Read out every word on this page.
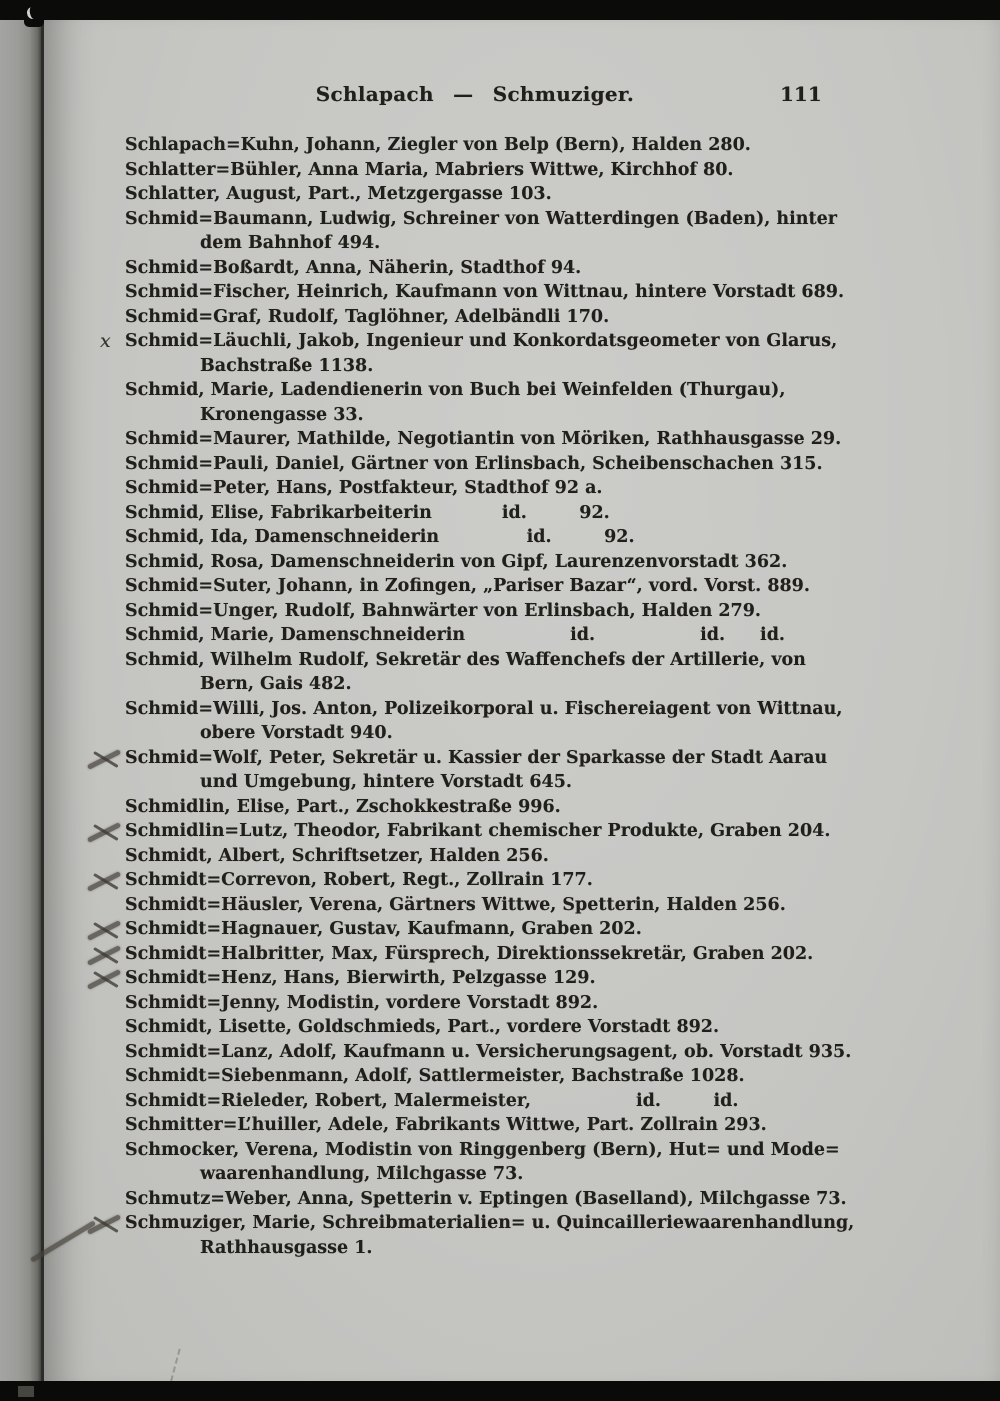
Schlapach — Schmuziger.	111
Schlapach=Kuhn, Johann, Ziegler von Belp (Bern), Halden 280.
Schlatter=Bühler, Anna Maria, Mabriers Wittwe, Kirchhof 80.
Schlatter, August, Part., Metzgergasse 103.
Schmid=Baumann, Ludwig, Schreiner von Watterdingen (Baden), hinter
dem Bahnhof 494.
Schmid=Boßardt, Anna, Näherin, Stadthof 94.
Schmid=Fischer, Heinrich, Kaufmann von Wittnau, hintere Vorstadt 689.
Schmid=Graf, Rudolf, Taglöhner, Adelbändli 170.
x Schmid=Läuchli, Jakob, Ingenieur und Konkordatsgeometer von Glarus,
Bachstraße 1138.
Schmid, Marie, Ladendienerin von Buch bei Weinfelden (Thurgau),
Kronengasse 33.
Schmid=Maurer, Mathilde, Negotiantin von Möriken, Rathhausgasse 29.
Schmid=Pauli, Daniel, Gärtner von Erlinsbach, Scheibenschachen 315.
Schmid=Peter, Hans, Postfakteur, Stadthof 92 a.
Schmid, Elise, Fabrikarbeiterin    id.   92.
Schmid, Ida, Damenschneiderin     id.   92.
Schmid, Rosa, Damenschneiderin von Gipf, Laurenzenvorstadt 362.
Schmid=Suter, Johann, in Zofingen, „Pariser Bazar“, vord. Vorst. 889.
Schmid=Unger, Rudolf, Bahnwärter von Erlinsbach, Halden 279.
Schmid, Marie, Damenschneiderin      id.      id.  id.
Schmid, Wilhelm Rudolf, Sekretär des Waffenchefs der Artillerie, von
Bern, Gais 482.
Schmid=Willi, Jos. Anton, Polizeikorporal u. Fischereiagent von Wittnau,
obere Vorstadt 940.
Schmid=Wolf, Peter, Sekretär u. Kassier der Sparkasse der Stadt Aarau
und Umgebung, hintere Vorstadt 645.
Schmidlin, Elise, Part., Zschokkestraße 996.
Schmidlin=Lutz, Theodor, Fabrikant chemischer Produkte, Graben 204.
Schmidt, Albert, Schriftsetzer, Halden 256.
Schmidt=Correvon, Robert, Regt., Zollrain 177.
Schmidt=Häusler, Verena, Gärtners Wittwe, Spetterin, Halden 256.
Schmidt=Hagnauer, Gustav, Kaufmann, Graben 202.
Schmidt=Halbritter, Max, Fürsprech, Direktionssekretär, Graben 202.
Schmidt=Henz, Hans, Bierwirth, Pelzgasse 129.
Schmidt=Jenny, Modistin, vordere Vorstadt 892.
Schmidt, Lisette, Goldschmieds, Part., vordere Vorstadt 892.
Schmidt=Lanz, Adolf, Kaufmann u. Versicherungsagent, ob. Vorstadt 935.
Schmidt=Siebenmann, Adolf, Sattlermeister, Bachstraße 1028.
Schmidt=Rieleder, Robert, Malermeister,      id.   id.
Schmitter=L’huiller, Adele, Fabrikants Wittwe, Part. Zollrain 293.
Schmocker, Verena, Modistin von Ringgenberg (Bern), Hut= und Mode=
waarenhandlung, Milchgasse 73.
Schmutz=Weber, Anna, Spetterin v. Eptingen (Baselland), Milchgasse 73.
Schmuziger, Marie, Schreibmaterialien= u. Quincailleriewaarenhandlung,
Rathhausgasse 1.
